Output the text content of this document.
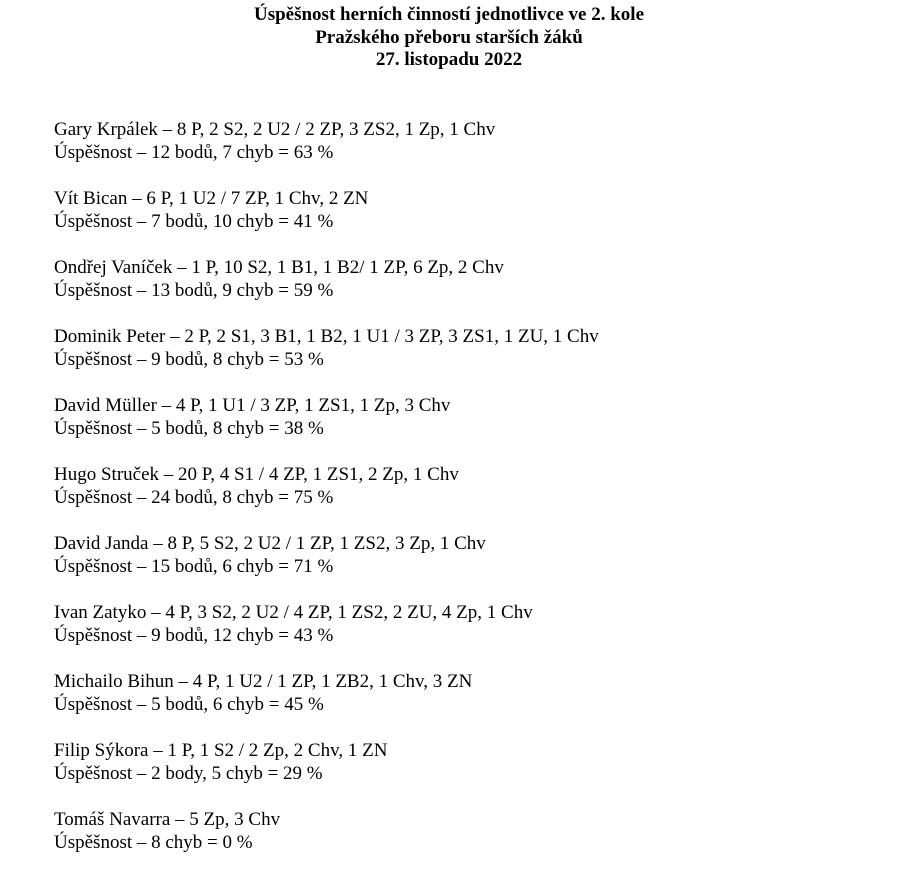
Úspěšnost herních činností jednotlivce ve 2. kole
Pražského přeboru starších žáků
27. listopadu 2022
Gary Krpálek – 8 P, 2 S2, 2 U2 / 2 ZP, 3 ZS2, 1 Zp, 1 Chv
Úspěšnost – 12 bodů, 7 chyb = 63 %
Vít Bican – 6 P, 1 U2 / 7 ZP, 1 Chv, 2 ZN
Úspěšnost – 7 bodů, 10 chyb = 41 %
Ondřej Vaníček – 1 P, 10 S2, 1 B1, 1 B2/ 1 ZP, 6 Zp, 2 Chv
Úspěšnost – 13 bodů, 9 chyb = 59 %
Dominik Peter – 2 P, 2 S1, 3 B1, 1 B2, 1 U1 / 3 ZP, 3 ZS1, 1 ZU, 1 Chv
Úspěšnost – 9 bodů, 8 chyb = 53 %
David Müller – 4 P, 1 U1 / 3 ZP, 1 ZS1, 1 Zp, 3 Chv
Úspěšnost – 5 bodů, 8 chyb = 38 %
Hugo Struček – 20 P, 4 S1 / 4 ZP, 1 ZS1, 2 Zp, 1 Chv
Úspěšnost – 24 bodů, 8 chyb = 75 %
David Janda – 8 P, 5 S2, 2 U2 / 1 ZP, 1 ZS2, 3 Zp, 1 Chv
Úspěšnost – 15 bodů, 6 chyb = 71 %
Ivan Zatyko – 4 P, 3 S2, 2 U2 / 4 ZP, 1 ZS2, 2 ZU, 4 Zp, 1 Chv
Úspěšnost – 9 bodů, 12 chyb = 43 %
Michailo Bihun – 4 P, 1 U2 / 1 ZP, 1 ZB2, 1 Chv, 3 ZN
Úspěšnost – 5 bodů, 6 chyb = 45 %
Filip Sýkora – 1 P, 1 S2 / 2 Zp, 2 Chv, 1 ZN
Úspěšnost – 2 body, 5 chyb = 29 %
Tomáš Navarra – 5 Zp, 3 Chv
Úspěšnost – 8 chyb = 0 %
